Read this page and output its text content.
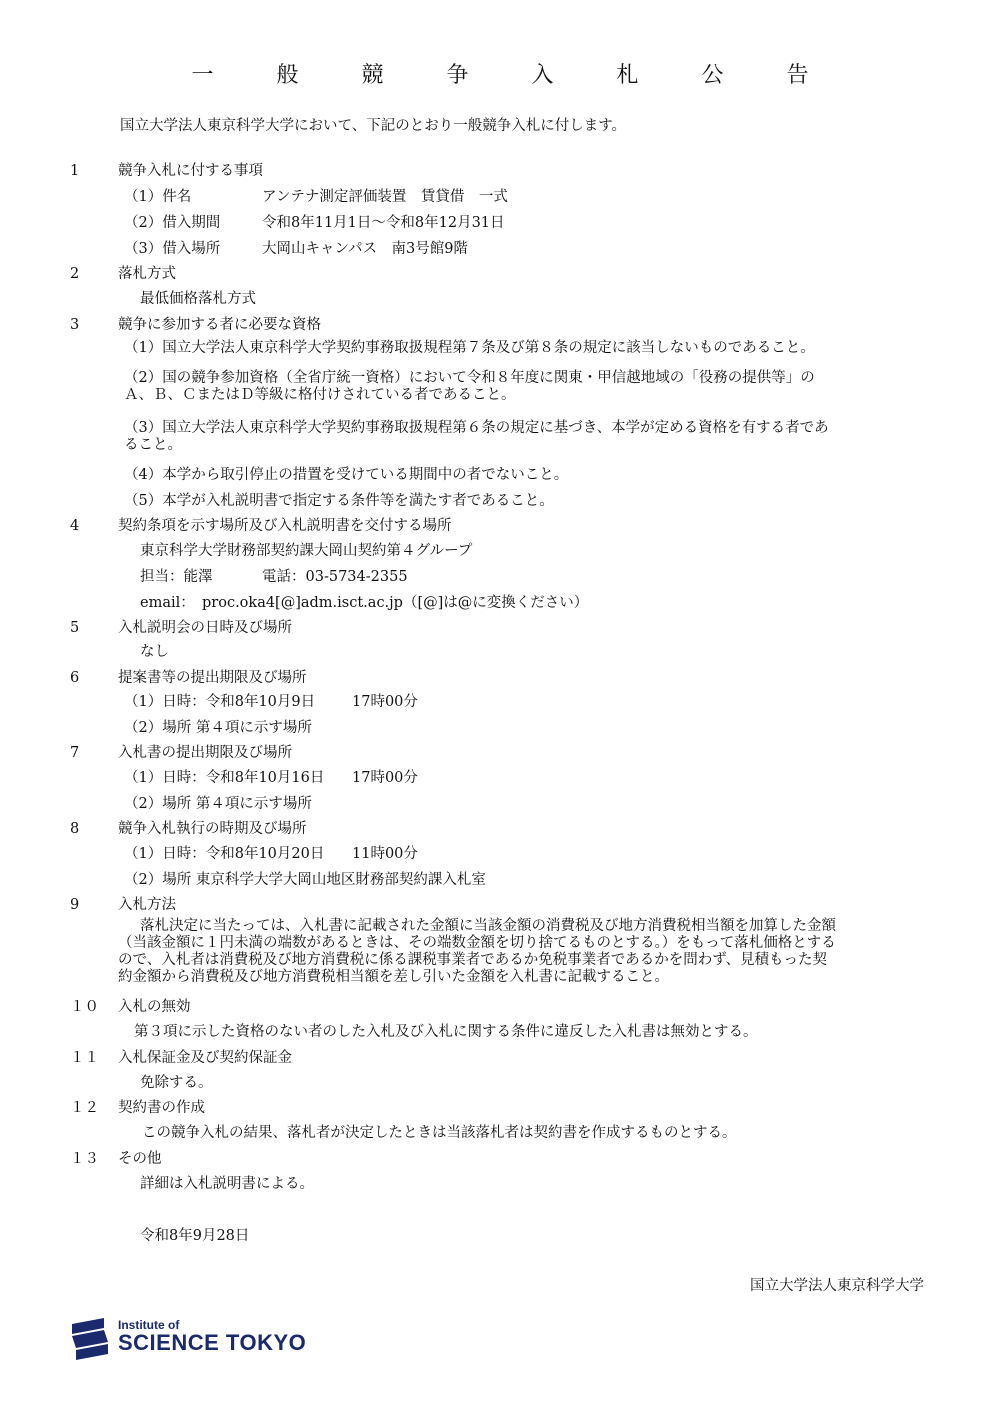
一 般 競 争 入 札 公 告
国立大学法人東京科学大学において、下記のとおり一般競争入札に付します。
1	競争入札に付する事項
（1）件名	アンテナ測定評価装置　賃貸借　一式
（2）借入期間	令和8年11月1日～令和8年12月31日
（3）借入場所	大岡山キャンパス　南3号館9階
2	落札方式
最低価格落札方式
3	競争に参加する者に必要な資格
（1）国立大学法人東京科学大学契約事務取扱規程第７条及び第８条の規定に該当しないものであること。
（2）国の競争参加資格（全省庁統一資格）において令和８年度に関東・甲信越地域の「役務の提供等」の
Ａ、Ｂ、ＣまたはＤ等級に格付けされている者であること。
（3）国立大学法人東京科学大学契約事務取扱規程第６条の規定に基づき、本学が定める資格を有する者であ
ること。
（4）本学から取引停止の措置を受けている期間中の者でないこと。
（5）本学が入札説明書で指定する条件等を満たす者であること。
4	契約条項を示す場所及び入札説明書を交付する場所
東京科学大学財務部契約課大岡山契約第４グループ
担当：能澤	電話：03-5734-2355
email：　proc.oka4[@]adm.isct.ac.jp（[@]は@に変換ください）
5	入札説明会の日時及び場所
なし
6	提案書等の提出期限及び場所
（1）日時：令和8年10月9日	17時00分
（2）場所 第４項に示す場所
7	入札書の提出期限及び場所
（1）日時：令和8年10月16日 17時00分
（2）場所 第４項に示す場所
8	競争入札執行の時期及び場所
（1）日時：令和8年10月20日 11時00分
（2）場所 東京科学大学大岡山地区財務部契約課入札室
9	入札方法
落札決定に当たっては、入札書に記載された金額に当該金額の消費税及び地方消費税相当額を加算した金額
（当該金額に１円未満の端数があるときは、その端数金額を切り捨てるものとする。）をもって落札価格とする
ので、入札者は消費税及び地方消費税に係る課税事業者であるか免税事業者であるかを問わず、見積もった契
約金額から消費税及び地方消費税相当額を差し引いた金額を入札書に記載すること。
１０ 入札の無効
第３項に示した資格のない者のした入札及び入札に関する条件に違反した入札書は無効とする。
１１ 入札保証金及び契約保証金
免除する。
１２ 契約書の作成
この競争入札の結果、落札者が決定したときは当該落札者は契約書を作成するものとする。
１３ その他
詳細は入札説明書による。
令和8年9月28日
国立大学法人東京科学大学
Institute of
SCIENCE TOKYO
